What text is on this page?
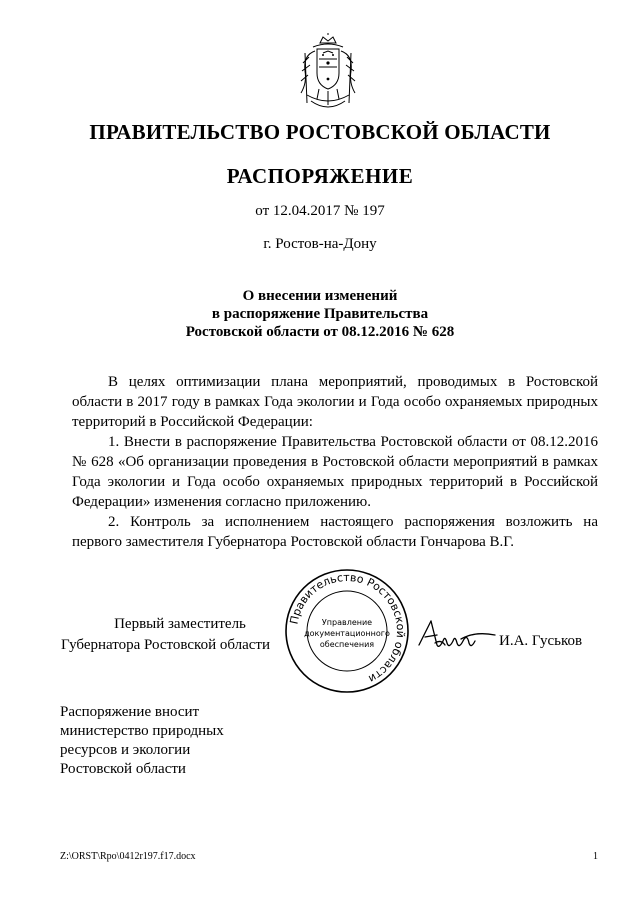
ПРАВИТЕЛЬСТВО РОСТОВСКОЙ ОБЛАСТИ
РАСПОРЯЖЕНИЕ
от 12.04.2017 № 197
г. Ростов-на-Дону
О внесении изменений
в распоряжение Правительства
Ростовской области от 08.12.2016 № 628

В целях оптимизации плана мероприятий, проводимых в Ростовской области в 2017 году в рамках Года экологии и Года особо охраняемых природных территорий в Российской Федерации:

1. Внести в распоряжение Правительства Ростовской области от 08.12.2016 № 628 «Об организации проведения в Ростовской области мероприятий в рамках Года экологии и Года особо охраняемых природных территорий в Российской Федерации» изменения согласно приложению.

2. Контроль за исполнением настоящего распоряжения возложить на первого заместителя Губернатора Ростовской области Гончарова В.Г.

Первый заместитель
Губернатора Ростовской области
Правительство Ростовской области
Управление
документационного
обеспечения	И.А. Гуськов
Распоряжение вносит
министерство природных
ресурсов и экологии
Ростовской области
Z:\ORST\Rpo\0412r197.f17.docx	1
